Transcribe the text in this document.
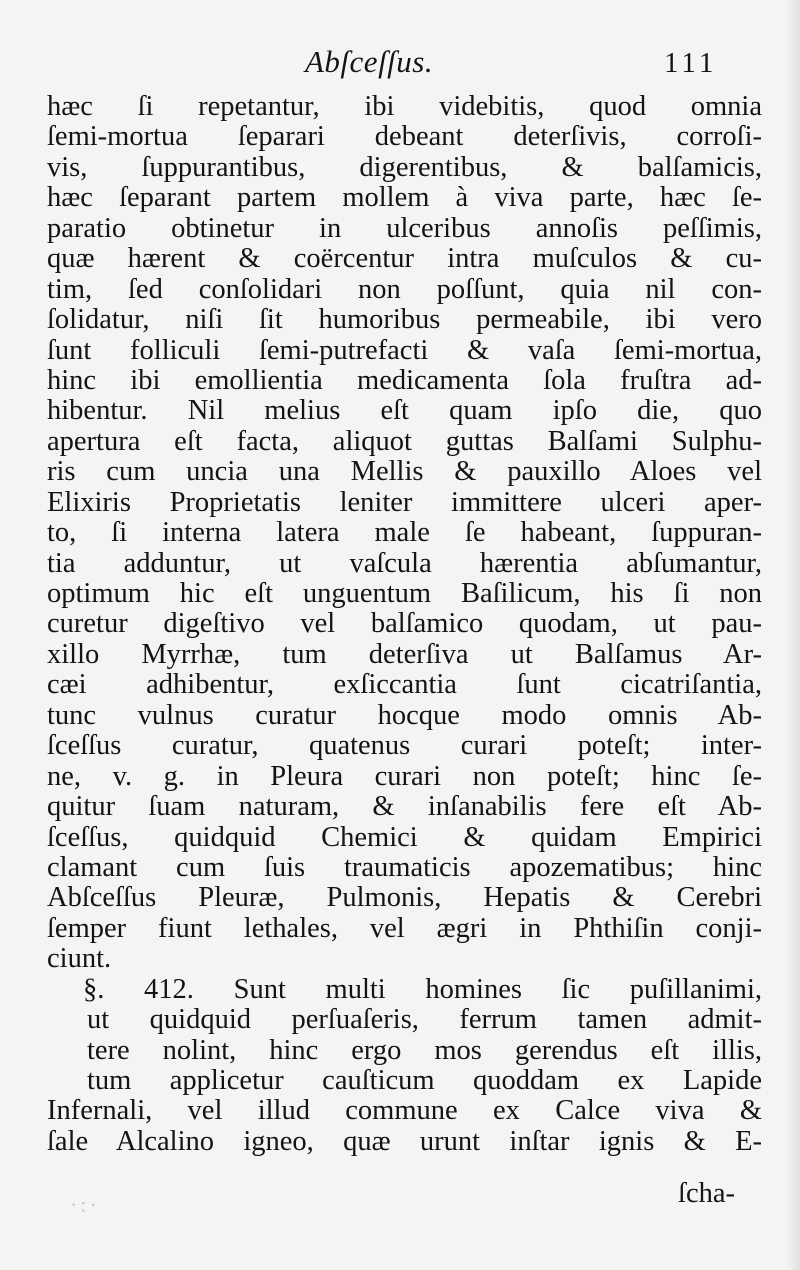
Abſceſſus.	111
hæc ſi repetantur, ibi videbitis, quod omnia
ſemi-mortua ſeparari debeant deterſivis, corroſi-
vis, ſuppurantibus, digerentibus, & balſamicis,
hæc ſeparant partem mollem à viva parte, hæc ſe-
paratio obtinetur in ulceribus annoſis peſſimis,
quæ hærent & coërcentur intra muſculos & cu-
tim, ſed conſolidari non poſſunt, quia nil con-
ſolidatur, niſi ſit humoribus permeabile, ibi vero
ſunt folliculi ſemi-putrefacti & vaſa ſemi-mortua,
hinc ibi emollientia medicamenta ſola fruſtra ad-
hibentur. Nil melius eſt quam ipſo die, quo
apertura eſt facta, aliquot guttas Balſami Sulphu-
ris cum uncia una Mellis & pauxillo Aloes vel
Elixiris Proprietatis leniter immittere ulceri aper-
to, ſi interna latera male ſe habeant, ſuppuran-
tia adduntur, ut vaſcula hærentia abſumantur,
optimum hic eſt unguentum Baſilicum, his ſi non
curetur digeſtivo vel balſamico quodam, ut pau-
xillo Myrrhæ, tum deterſiva ut Balſamus Ar-
cæi adhibentur, exſiccantia ſunt cicatriſantia,
tunc vulnus curatur hocque modo omnis Ab-
ſceſſus curatur, quatenus curari poteſt; inter-
ne, v. g. in Pleura curari non poteſt; hinc ſe-
quitur ſuam naturam, & inſanabilis fere eſt Ab-
ſceſſus, quidquid Chemici & quidam Empirici
clamant cum ſuis traumaticis apozematibus; hinc
Abſceſſus Pleuræ, Pulmonis, Hepatis & Cerebri
ſemper fiunt lethales, vel ægri in Phthiſin conji-
ciunt.
§. 412. Sunt multi homines ſic puſillanimi,
ut quidquid perſuaſeris, ferrum tamen admit-
tere nolint, hinc ergo mos gerendus eſt illis,
tum applicetur cauſticum quoddam ex Lapide
Infernali, vel illud commune ex Calce viva &
ſale Alcalino igneo, quæ urunt inſtar ignis & E-
ſcha-
·:·
